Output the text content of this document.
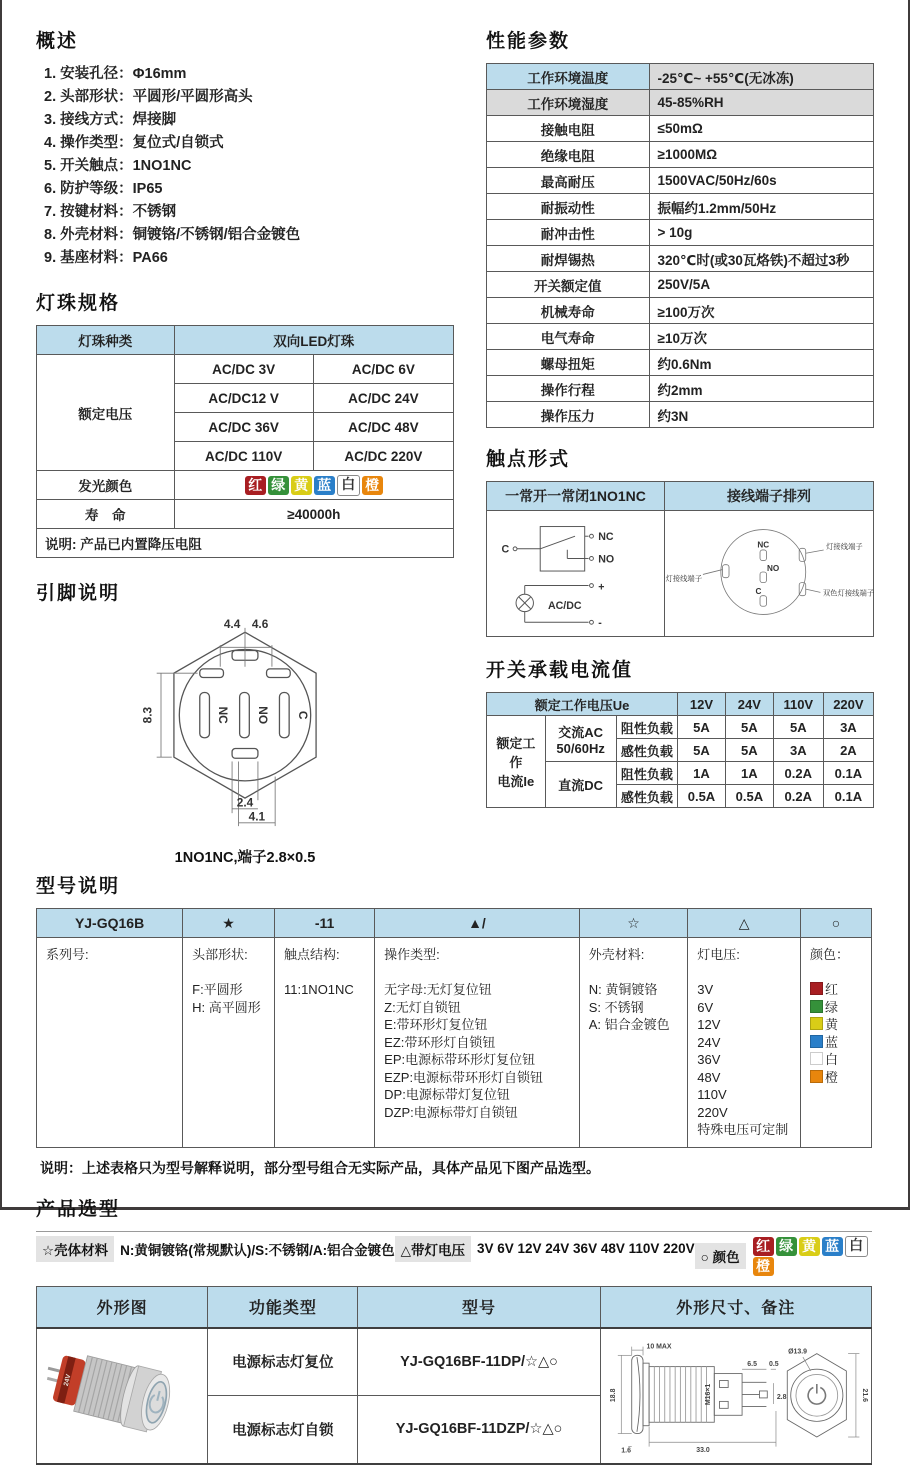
概述
1. 安装孔径：Φ16mm
2. 头部形状：平圆形/平圆形高头
3. 接线方式：焊接脚
4. 操作类型：复位式/自锁式
5. 开关触点：1NO1NC
6. 防护等级：IP65
7. 按键材料：不锈钢
8. 外壳材料：铜镀铬/不锈钢/铝合金镀色
9. 基座材料：PA66
灯珠规格
灯珠种类	双向LED灯珠	
额定电压	AC/DC 3V	AC/DC 6V
	AC/DC12 V	AC/DC 24V
	AC/DC 36V	AC/DC 48V
	AC/DC 110V	AC/DC 220V
发光颜色	红 绿 黄 蓝 白 橙	
寿　命	≥40000h	
说明: 产品已内置降压电阻		
引脚说明
NC NO C
4.4 4.6
8.3
2.4
4.1
1NO1NC,端子2.8×0.5
性能参数
工作环境温度	-25℃~ +55℃(无冰冻)
工作环境湿度	45-85%RH
接触电阻	≤50mΩ
绝缘电阻	≥1000MΩ
最高耐压	1500VAC/50Hz/60s
耐振动性	振幅约1.2mm/50Hz
耐冲击性	> 10g
耐焊锡热	320℃时(或30瓦烙铁)不超过3秒
开关额定值	250V/5A
机械寿命	≥100万次
电气寿命	≥10万次
螺母扭矩	约0.6Nm
操作行程	约2mm
操作压力	约3N
触点形式
一常开一常闭1NO1NC	接线端子排列

C
NC
NO
+
AC/DC
-

NC
NO
C
灯接线端子
灯接线端子
双色灯接线端子
开关承载电流值
额定工作电压Ue			12V	24V	110V	220V
额定工作
电流Ie	交流AC
50/60Hz	阻性负载	5A	5A	5A	3A
		感性负载	5A	5A	3A	2A
	直流DC	阻性负载	1A	1A	0.2A	0.1A
		感性负载	0.5A	0.5A	0.2A	0.1A
型号说明
YJ-GQ16B	★	-11	▲/	☆	△	○
系列号:	头部形状:

F:平圆形
H: 高平圆形	触点结构:

11:1NO1NC	操作类型:

无字母:无灯复位钮
Z:无灯自锁钮
E:带环形灯复位钮
EZ:带环形灯自锁钮
EP:电源标带环形灯复位钮
EZP:电源标带环形灯自锁钮
DP:电源标带灯复位钮
DZP:电源标带灯自锁钮	外壳材料:

N: 黄铜镀铬
S: 不锈钢
A: 铝合金镀色	灯电压:

3V
6V
12V
24V
36V
48V
110V
220V
特殊电压可定制	
颜色：

红
绿
黄
蓝
白
橙
说明：上述表格只为型号解释说明，部分型号组合无实际产品，具体产品见下图产品选型。
产品选型
☆壳体材料 N:黄铜镀铬(常规默认)/S:不锈钢/A:铝合金镀色 △带灯电压 3V 6V 12V 24V 36V 48V 110V 220V
○ 颜色
红 绿 黄 蓝 白橙
外形图	功能类型	型号	外形尺寸、备注

24V
	电源标志灯复位	YJ-GQ16BF-11DP/☆△○	
10 MAX
18.8
1.6	33.0
M16×1
6.5 0.5
2.8
Ø13.9
21.6

	电源标志灯自锁	YJ-GQ16BF-11DZP/☆△○	
